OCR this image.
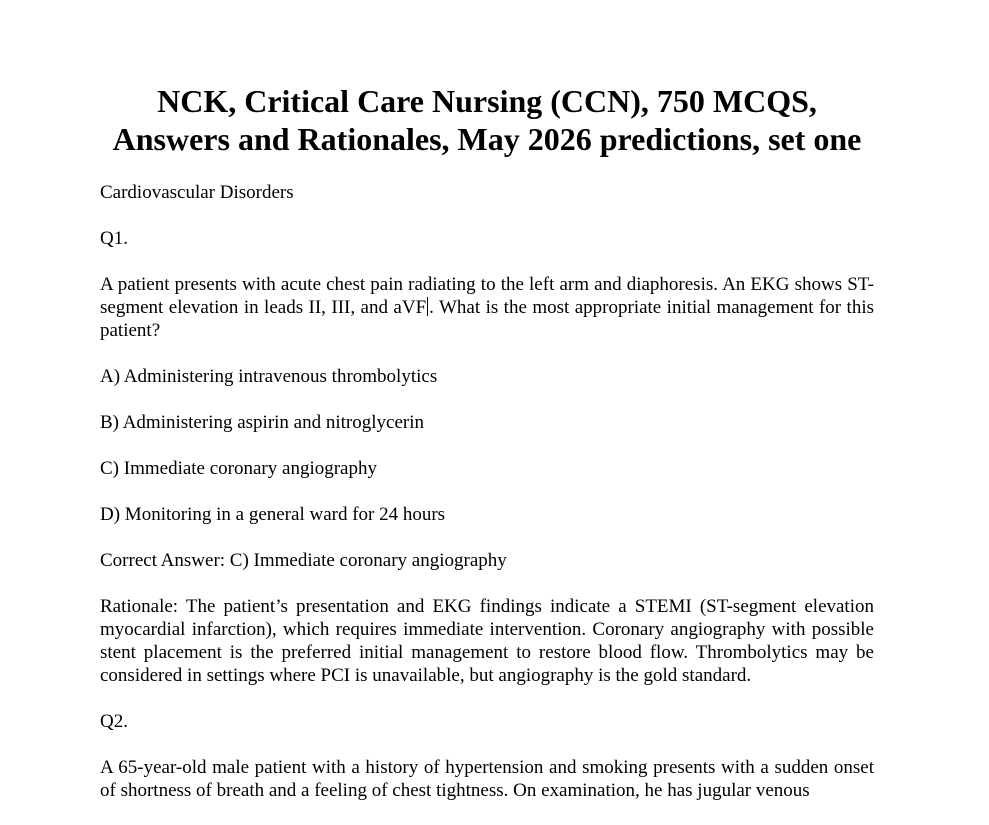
NCK, Critical Care Nursing (CCN), 750 MCQS, Answers and Rationales, May 2026 predictions, set one

Cardiovascular Disorders

Q1.

A patient presents with acute chest pain radiating to the left arm and diaphoresis. An EKG shows ST-segment elevation in leads II, III, and aVF . What is the most appropriate initial management for this patient?

A) Administering intravenous thrombolytics

B) Administering aspirin and nitroglycerin

C) Immediate coronary angiography

D) Monitoring in a general ward for 24 hours

Correct Answer: C) Immediate coronary angiography

Rationale: The patient’s presentation and EKG findings indicate a STEMI (ST-segment elevation myocardial infarction), which requires immediate intervention. Coronary angiography with possible stent placement is the preferred initial management to restore blood flow. Thrombolytics may be considered in settings where PCI is unavailable, but angiography is the gold standard.

Q2.

A 65-year-old male patient with a history of hypertension and smoking presents with a sudden onset of shortness of breath and a feeling of chest tightness. On examination, he has jugular venous
